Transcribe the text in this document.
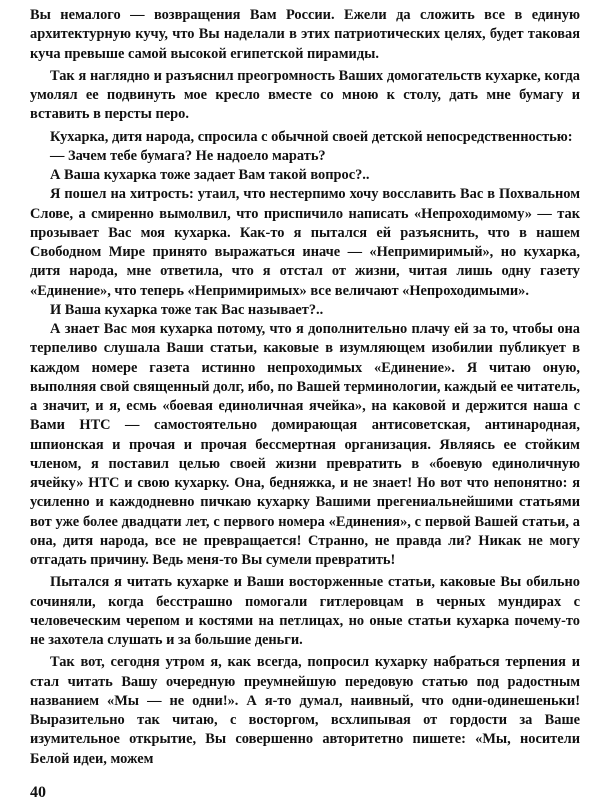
Вы немалого — возвращения Вам России. Ежели да сложить все в единую архитектурную кучу, что Вы наделали в этих патриотических целях, будет таковая куча превыше самой высокой египетской пирамиды.

Так я наглядно и разъяснил преогромность Ваших домогательств кухарке, когда умолял ее подвинуть мое кресло вместе со мною к столу, дать мне бумагу и вставить в персты перо.

Кухарка, дитя народа, спросила с обычной своей детской непосредственностью:

— Зачем тебе бумага? Не надоело марать?

А Ваша кухарка тоже задает Вам такой вопрос?..

Я пошел на хитрость: утаил, что нестерпимо хочу восславить Вас в Похвальном Слове, а смиренно вымолвил, что приспичило написать «Непроходимому» — так прозывает Вас моя кухарка. Как-то я пытался ей разъяснить, что в нашем Свободном Мире принято выражаться иначе — «Непримиримый», но кухарка, дитя народа, мне ответила, что я отстал от жизни, читая лишь одну газету «Единение», что теперь «Непримиримых» все величают «Непроходимыми».

И Ваша кухарка тоже так Вас называет?..

А знает Вас моя кухарка потому, что я дополнительно плачу ей за то, чтобы она терпеливо слушала Ваши статьи, каковые в изумляющем изобилии публикует в каждом номере газета истинно непроходимых «Единение». Я читаю оную, выполняя свой священный долг, ибо, по Вашей терминологии, каждый ее читатель, а значит, и я, есмь «боевая единоличная ячейка», на каковой и держится наша с Вами НТС — самостоятельно домирающая антисоветская, антинародная, шпионская и прочая и прочая бессмертная организация. Являясь ее стойким членом, я поставил целью своей жизни превратить в «боевую единоличную ячейку» НТС и свою кухарку. Она, бедняжка, и не знает! Но вот что непонятно: я усиленно и каждодневно пичкаю кухарку Вашими прегениальнейшими статьями вот уже более двадцати лет, с первого номера «Единения», с первой Вашей статьи, а она, дитя народа, все не превращается! Странно, не правда ли? Никак не могу отгадать причину. Ведь меня-то Вы сумели превратить!

Пытался я читать кухарке и Ваши восторженные статьи, каковые Вы обильно сочиняли, когда бесстрашно помогали гитлеровцам в черных мундирах с человеческим черепом и костями на петлицах, но оные статьи кухарка почему-то не захотела слушать и за большие деньги.

Так вот, сегодня утром я, как всегда, попросил кухарку набраться терпения и стал читать Вашу очередную преумнейшую передовую статью под радостным названием «Мы — не одни!». А я-то думал, наивный, что одни-одинешеньки! Выразительно так читаю, с восторгом, всхлипывая от гордости за Ваше изумительное открытие, Вы совершенно авторитетно пишете: «Мы, носители Белой идеи, можем

40
